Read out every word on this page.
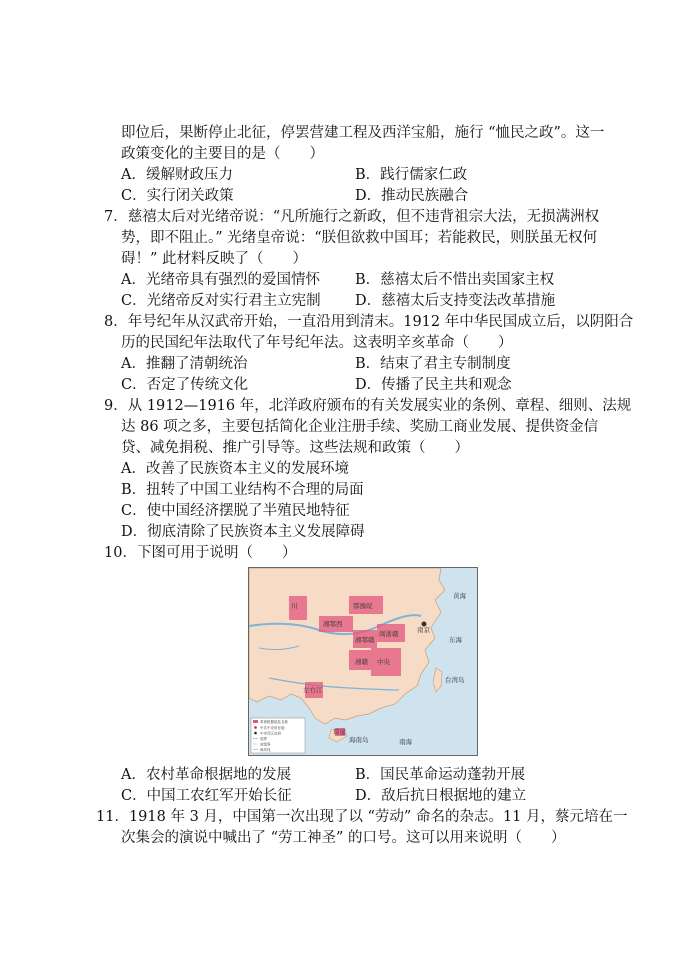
即位后，果断停止北征，停罢营建工程及西洋宝船，施行 “恤民之政”。这一
政策变化的主要目的是（　　）
A．缓解财政压力	B．践行儒家仁政
C．实行闭关政策	D．推动民族融合
7．慈禧太后对光绪帝说：“凡所施行之新政，但不违背祖宗大法，无损满洲权
势，即不阻止。” 光绪皇帝说：“朕但欲救中国耳；若能救民，则朕虽无权何
碍！” 此材料反映了（　　）
A．光绪帝具有强烈的爱国情怀 B．慈禧太后不惜出卖国家主权
C．光绪帝反对实行君主立宪制 D．慈禧太后支持变法改革措施
8．年号纪年从汉武帝开始，一直沿用到清末。1912 年中华民国成立后，以阴阳合
历的民国纪年法取代了年号纪年法。这表明辛亥革命（　　）
A．推翻了清朝统治	B．结束了君主专制制度
C．否定了传统文化	D．传播了民主共和观念
9．从 1912—1916 年，北洋政府颁布的有关发展实业的条例、章程、细则、法规
达 86 项之多，主要包括简化企业注册手续、奖励工商业发展、提供资金信
贷、减免捐税、推广引导等。这些法规和政策（　　）
A．改善了民族资本主义的发展环境
B．扭转了中国工业结构不合理的局面
C．使中国经济摆脱了半殖民地特征
D．彻底清除了民族资本主义发展障碍
10．下图可用于说明（　　）
川	鄂豫皖
湘鄂西
湘赣
湘鄂赣
闽浙赣
中央
左右江
琼崖
南京
台湾岛
海南岛	南海
东海
黄海
革命根据地及名称
中共中央所在地
中央苏区首府
国界
省级界
海岸线
A．农村革命根据地的发展	B．国民革命运动蓬勃开展
C．中国工农红军开始长征	D．敌后抗日根据地的建立
11．1918 年 3 月，中国第一次出现了以 “劳动” 命名的杂志。11 月，蔡元培在一
次集会的演说中喊出了 “劳工神圣” 的口号。这可以用来说明（　　）
